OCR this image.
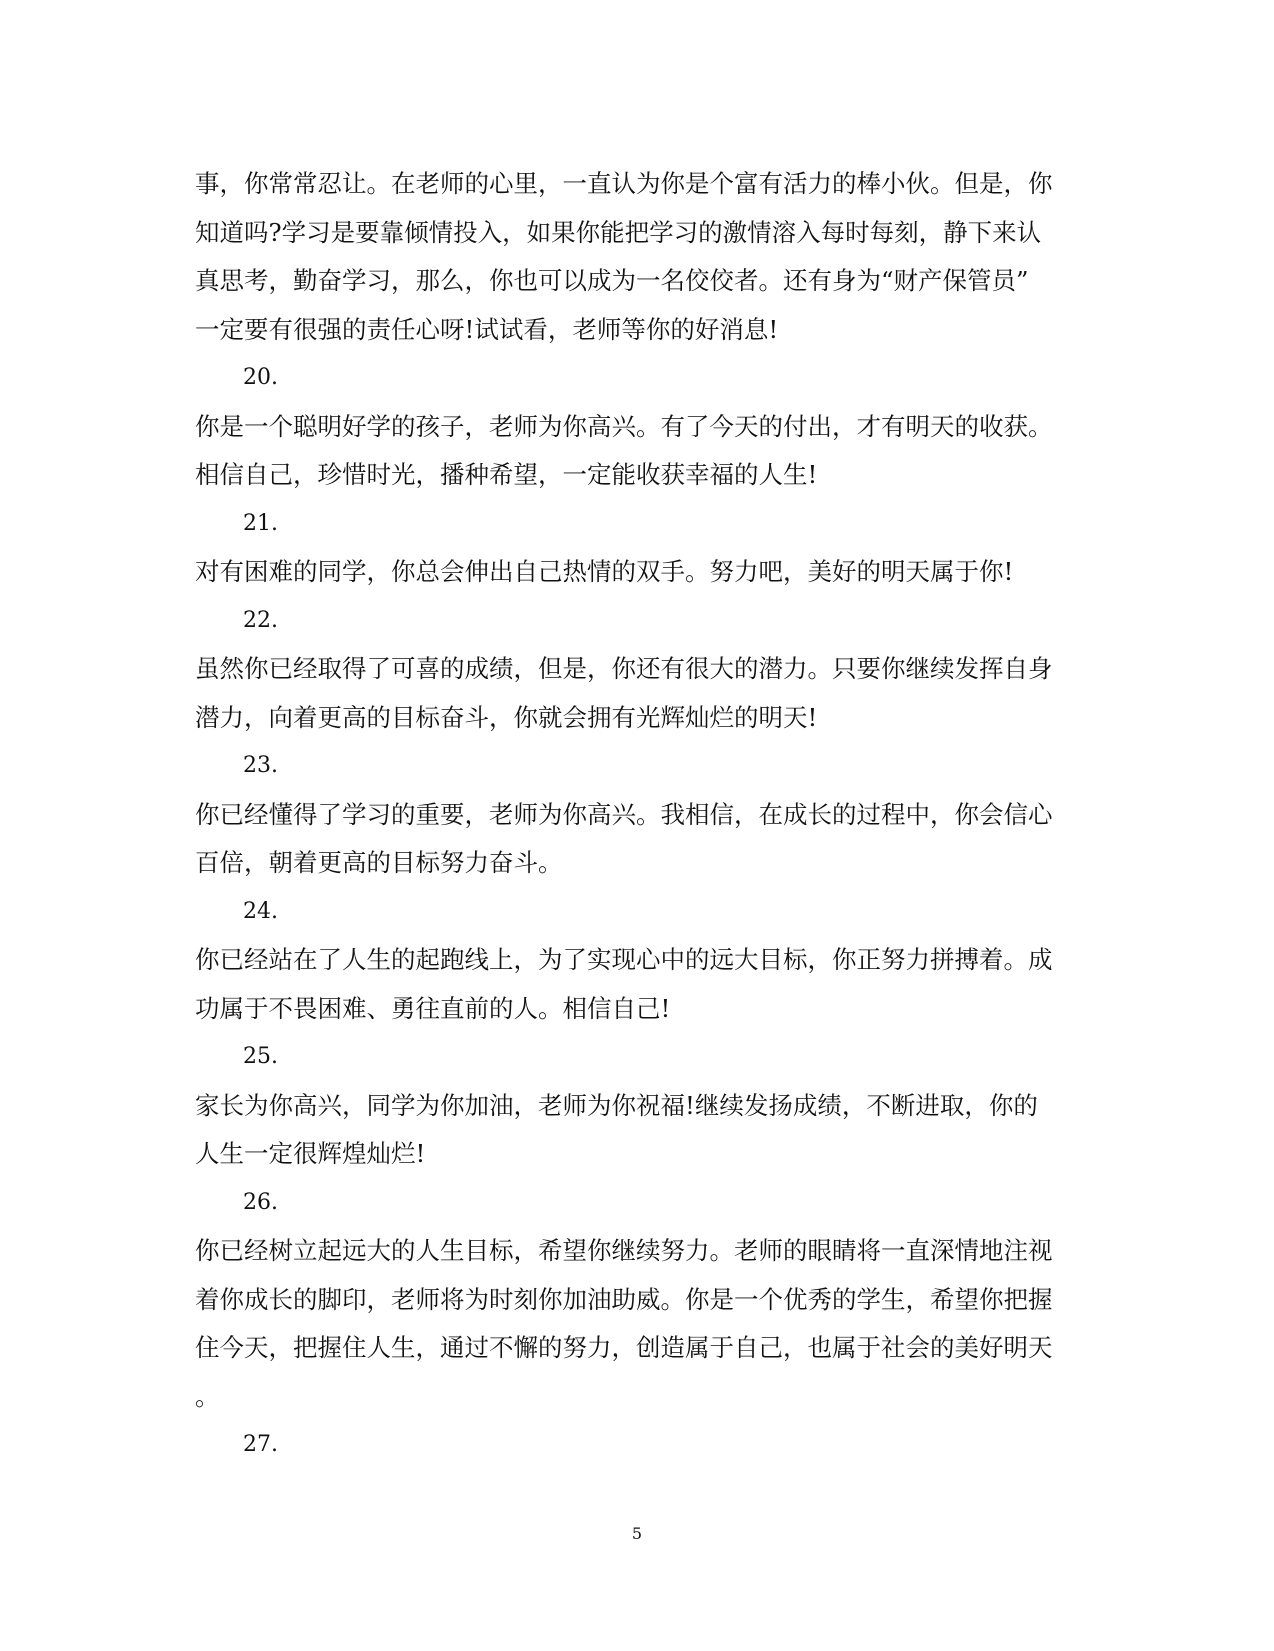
事，你常常忍让。在老师的心里，一直认为你是个富有活力的棒小伙。但是，你
知道吗?学习是要靠倾情投入，如果你能把学习的激情溶入每时每刻，静下来认
真思考，勤奋学习，那么，你也可以成为一名佼佼者。还有身为“财产保管员”
一定要有很强的责任心呀!试试看，老师等你的好消息!
20.
你是一个聪明好学的孩子，老师为你高兴。有了今天的付出，才有明天的收获。
相信自己，珍惜时光，播种希望，一定能收获幸福的人生!
21.
对有困难的同学，你总会伸出自己热情的双手。努力吧，美好的明天属于你!
22.
虽然你已经取得了可喜的成绩，但是，你还有很大的潜力。只要你继续发挥自身
潜力，向着更高的目标奋斗，你就会拥有光辉灿烂的明天!
23.
你已经懂得了学习的重要，老师为你高兴。我相信，在成长的过程中，你会信心
百倍，朝着更高的目标努力奋斗。
24.
你已经站在了人生的起跑线上，为了实现心中的远大目标，你正努力拼搏着。成
功属于不畏困难、勇往直前的人。相信自己!
25.
家长为你高兴，同学为你加油，老师为你祝福!继续发扬成绩，不断进取，你的
人生一定很辉煌灿烂!
26.
你已经树立起远大的人生目标，希望你继续努力。老师的眼睛将一直深情地注视
着你成长的脚印，老师将为时刻你加油助威。你是一个优秀的学生，希望你把握
住今天，把握住人生，通过不懈的努力，创造属于自己，也属于社会的美好明天
。
27.
5
